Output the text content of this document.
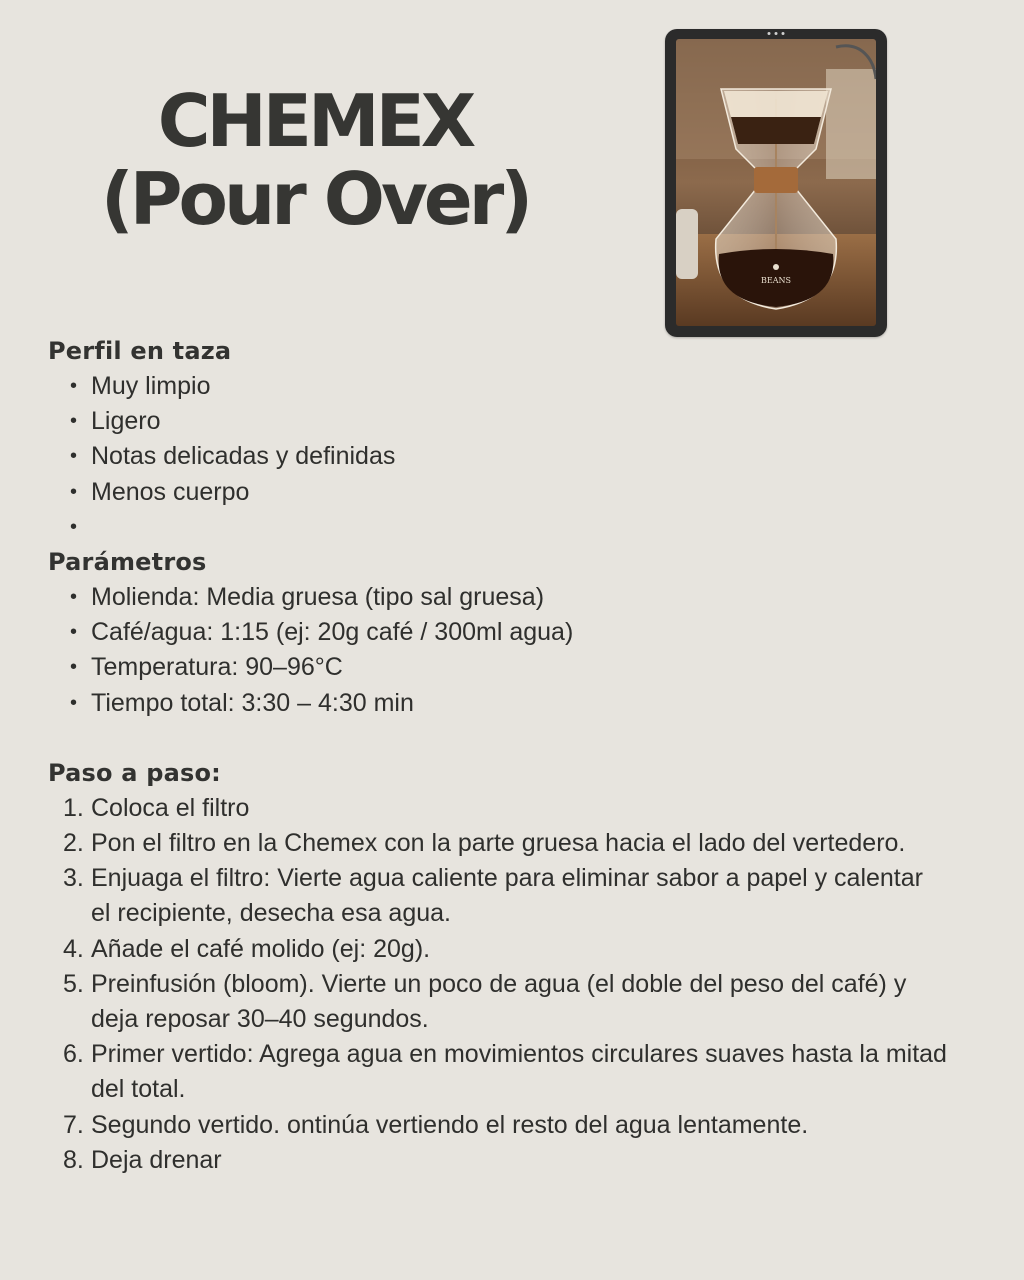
CHEMEX
(Pour Over)
BEANS
Perfil en taza
• Muy limpio
• Ligero
• Notas delicadas y definidas
• Menos cuerpo
•
Parámetros
• Molienda: Media gruesa (tipo sal gruesa)
• Café/agua: 1:15 (ej: 20g café / 300ml agua)
• Temperatura: 90–96°C
• Tiempo total: 3:30 – 4:30 min
Paso a paso:
1. Coloca el filtro
2. Pon el filtro en la Chemex con la parte gruesa hacia el lado del vertedero.
3. Enjuaga el filtro: Vierte agua caliente para eliminar sabor a papel y calentar el recipiente, desecha esa agua.
4. Añade el café molido (ej: 20g).
5. Preinfusión (bloom). Vierte un poco de agua (el doble del peso del café) y deja reposar 30–40 segundos.
6. Primer vertido: Agrega agua en movimientos circulares suaves hasta la mitad del total.
7. Segundo vertido. ontinúa vertiendo el resto del agua lentamente.
8. Deja drenar
